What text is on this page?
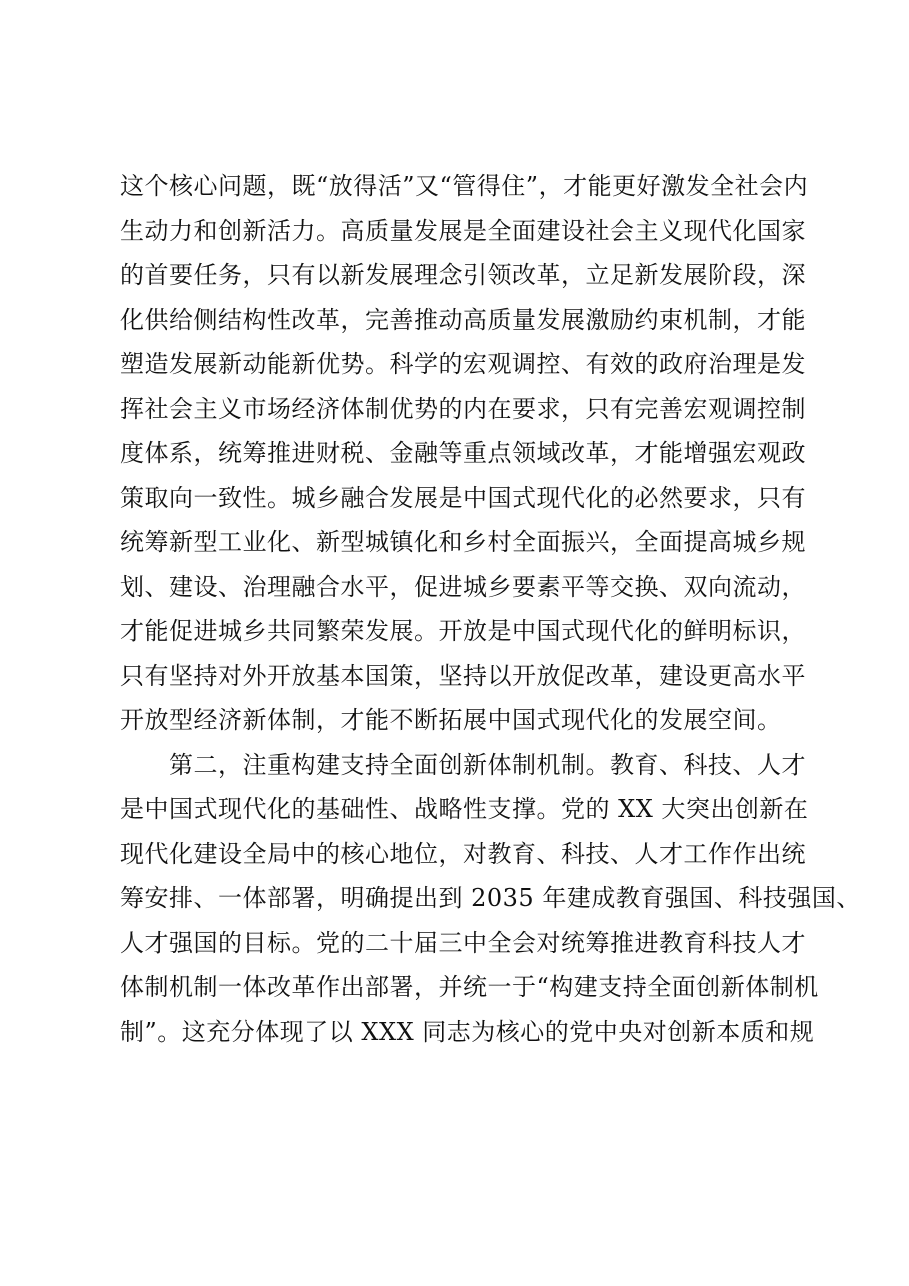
这个核心问题，既“放得活”又“管得住”，才能更好激发全社会内
生动力和创新活力。高质量发展是全面建设社会主义现代化国家
的首要任务，只有以新发展理念引领改革，立足新发展阶段，深
化供给侧结构性改革，完善推动高质量发展激励约束机制，才能
塑造发展新动能新优势。科学的宏观调控、有效的政府治理是发
挥社会主义市场经济体制优势的内在要求，只有完善宏观调控制
度体系，统筹推进财税、金融等重点领域改革，才能增强宏观政
策取向一致性。城乡融合发展是中国式现代化的必然要求，只有
统筹新型工业化、新型城镇化和乡村全面振兴，全面提高城乡规
划、建设、治理融合水平，促进城乡要素平等交换、双向流动，
才能促进城乡共同繁荣发展。开放是中国式现代化的鲜明标识，
只有坚持对外开放基本国策，坚持以开放促改革，建设更高水平
开放型经济新体制，才能不断拓展中国式现代化的发展空间。
　　第二，注重构建支持全面创新体制机制。教育、科技、人才
是中国式现代化的基础性、战略性支撑。党的 XX 大突出创新在
现代化建设全局中的核心地位，对教育、科技、人才工作作出统
筹安排、一体部署，明确提出到 2035 年建成教育强国、科技强国、
人才强国的目标。党的二十届三中全会对统筹推进教育科技人才
体制机制一体改革作出部署，并统一于“构建支持全面创新体制机
制”。这充分体现了以 XXX 同志为核心的党中央对创新本质和规
